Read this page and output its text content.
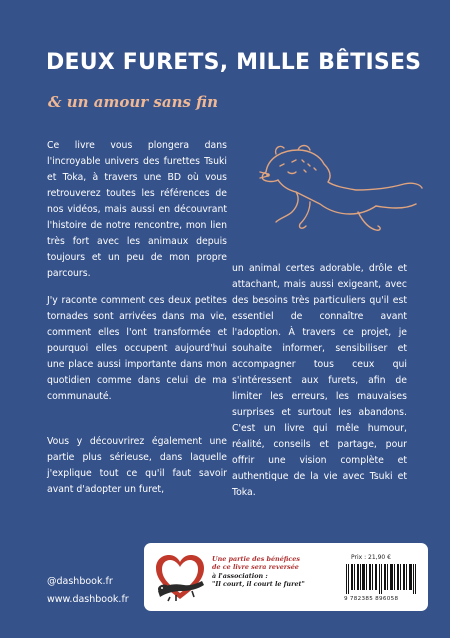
DEUX FURETS, MILLE BÊTISES
& un amour sans fin

Ce livre vous plongera dans l'incroyable univers des furettes Tsuki et Toka, à travers une BD où vous retrouverez toutes les références de nos vidéos, mais aussi en découvrant l'histoire de notre rencontre, mon lien très fort avec les animaux depuis toujours et un peu de mon propre parcours.

J'y raconte comment ces deux petites tornades sont arrivées dans ma vie, comment elles l'ont transformée et pourquoi elles occupent aujourd'hui une place aussi importante dans mon quotidien comme dans celui de ma communauté.

Vous y découvrirez également une partie plus sérieuse, dans laquelle j'explique tout ce qu'il faut savoir avant d'adopter un furet,

un animal certes adorable, drôle et attachant, mais aussi exigeant, avec des besoins très particuliers qu'il est essentiel de connaître avant l'adoption. À travers ce projet, je souhaite informer, sensibiliser et accompagner tous ceux qui s'intéressent aux furets, afin de limiter les erreurs, les mauvaises surprises et surtout les abandons. C'est un livre qui mêle humour, réalité, conseils et partage, pour offrir une vision complète et authentique de la vie avec Tsuki et Toka.

@dashbook.fr
www.dashbook.fr
Une partie des bénéfices
de ce livre sera reversée
à l'association :
"Il court, il court le furet"
Prix : 21,90 €
9 782385 896058
